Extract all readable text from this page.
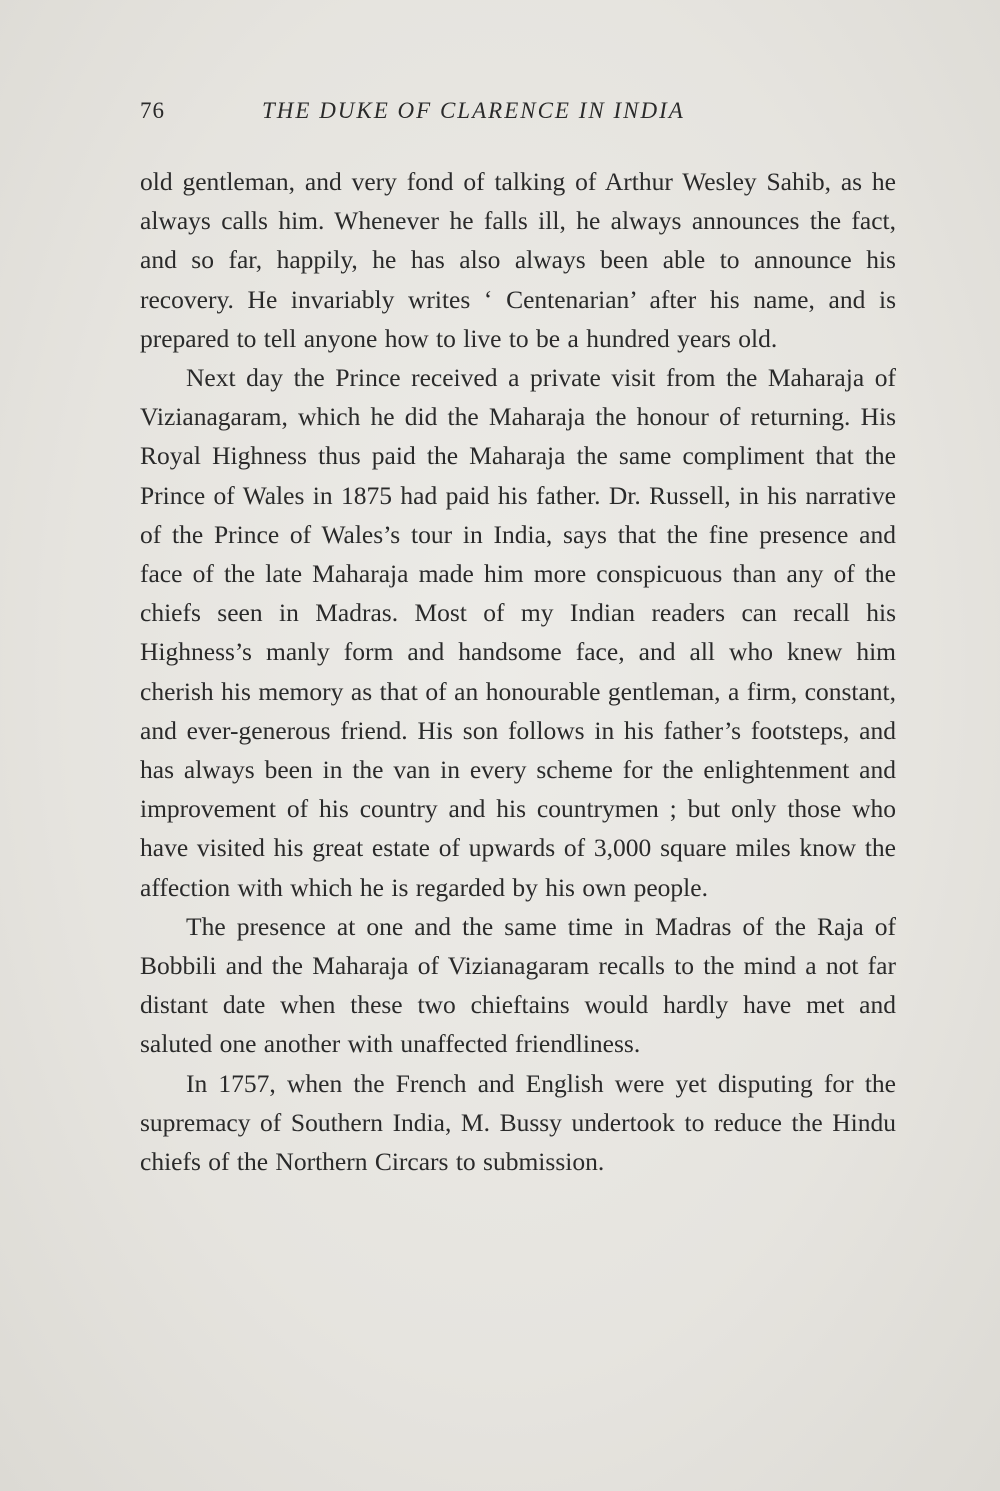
76	THE DUKE OF CLARENCE IN INDIA

old gentleman, and very fond of talking of Arthur Wesley Sahib, as he always calls him. Whenever he falls ill, he always announces the fact, and so far, happily, he has also always been able to announce his recovery. He invariably writes ‘ Centenarian’ after his name, and is prepared to tell anyone how to live to be a hundred years old.

Next day the Prince received a private visit from the Maharaja of Vizianagaram, which he did the Maharaja the honour of returning. His Royal Highness thus paid the Maharaja the same compliment that the Prince of Wales in 1875 had paid his father. Dr. Russell, in his narrative of the Prince of Wales’s tour in India, says that the fine presence and face of the late Maharaja made him more conspicuous than any of the chiefs seen in Madras. Most of my Indian readers can recall his Highness’s manly form and handsome face, and all who knew him cherish his memory as that of an honourable gentleman, a firm, constant, and ever-generous friend. His son follows in his father’s footsteps, and has always been in the van in every scheme for the enlightenment and improvement of his country and his countrymen ; but only those who have visited his great estate of upwards of 3,000 square miles know the affection with which he is regarded by his own people.

The presence at one and the same time in Madras of the Raja of Bobbili and the Maharaja of Vizianagaram recalls to the mind a not far distant date when these two chieftains would hardly have met and saluted one another with unaffected friendliness.

In 1757, when the French and English were yet disputing for the supremacy of Southern India, M. Bussy undertook to reduce the Hindu chiefs of the Northern Circars to submission.
